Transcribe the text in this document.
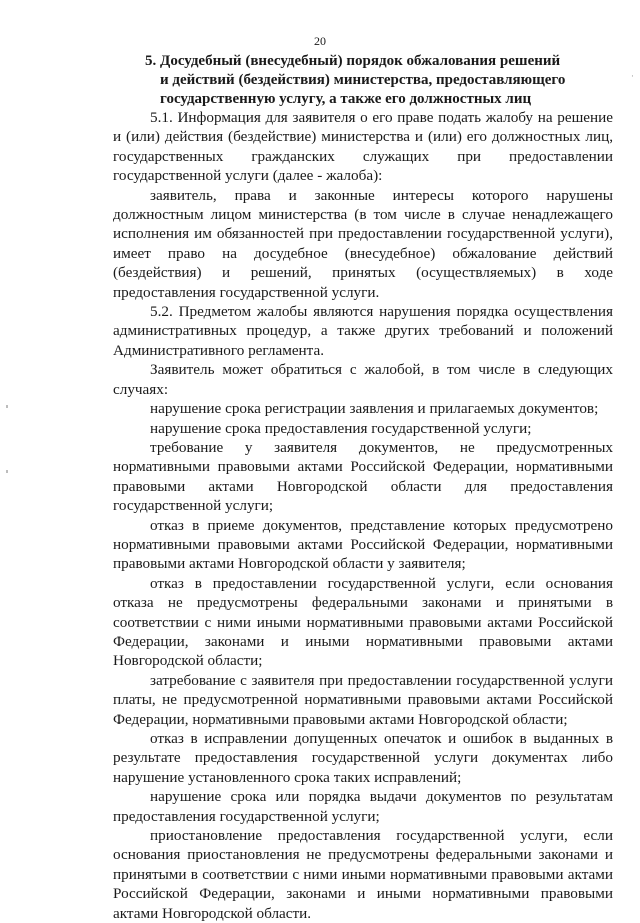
20
5. Досудебный (внесудебный) порядок обжалования решений
и действий (бездействия) министерства, предоставляющего
государственную услугу, а также его должностных лиц

5.1. Информация для заявителя о его праве подать жалобу на решение и (или) действия (бездействие) министерства и (или) его должностных лиц, государственных гражданских служащих при предоставлении государственной услуги (далее - жалоба):

заявитель, права и законные интересы которого нарушены должностным лицом министерства (в том числе в случае ненадлежащего исполнения им обязанностей при предоставлении государственной услуги), имеет право на досудебное (внесудебное) обжалование действий (бездействия) и решений, принятых (осуществляемых) в ходе предоставления государственной услуги.

5.2. Предметом жалобы являются нарушения порядка осуществления административных процедур, а также других требований и положений Административного регламента.

Заявитель может обратиться с жалобой, в том числе в следующих случаях:

нарушение срока регистрации заявления и прилагаемых документов;

нарушение срока предоставления государственной услуги;

требование у заявителя документов, не предусмотренных нормативными правовыми актами Российской Федерации, нормативными правовыми актами Новгородской области для предоставления государственной услуги;

отказ в приеме документов, представление которых предусмотрено нормативными правовыми актами Российской Федерации, нормативными правовыми актами Новгородской области у заявителя;

отказ в предоставлении государственной услуги, если основания отказа не предусмотрены федеральными законами и принятыми в соответствии с ними иными нормативными правовыми актами Российской Федерации, законами и иными нормативными правовыми актами Новгородской области;

затребование с заявителя при предоставлении государственной услуги платы, не предусмотренной нормативными правовыми актами Российской Федерации, нормативными правовыми актами Новгородской области;

отказ в исправлении допущенных опечаток и ошибок в выданных в результате предоставления государственной услуги документах либо нарушение установленного срока таких исправлений;

нарушение срока или порядка выдачи документов по результатам предоставления государственной услуги;

приостановление предоставления государственной услуги, если основания приостановления не предусмотрены федеральными законами и принятыми в соответствии с ними иными нормативными правовыми актами Российской Федерации, законами и иными нормативными правовыми актами Новгородской области.

·
